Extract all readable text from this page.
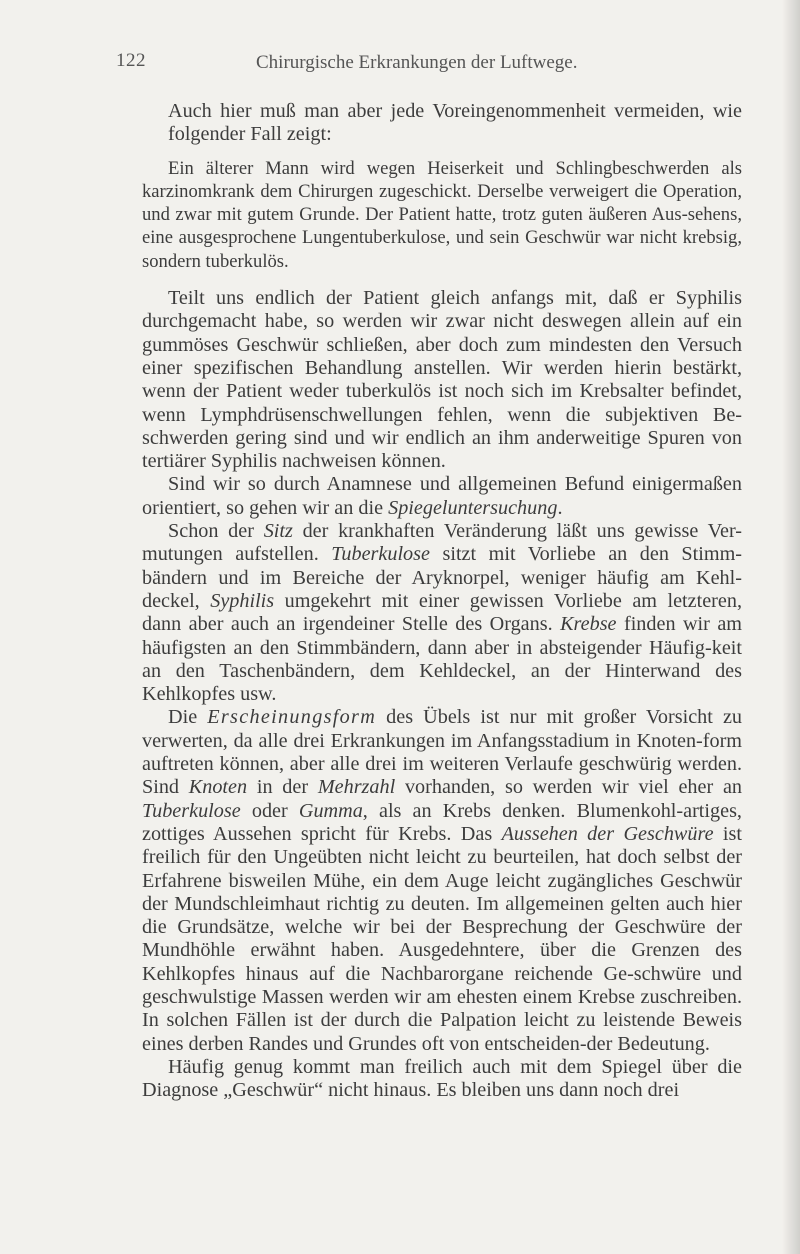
122	Chirurgische Erkrankungen der Luftwege.

Auch hier muß man aber jede Voreingenommenheit vermeiden, wie folgender Fall zeigt:

Ein älterer Mann wird wegen Heiserkeit und Schlingbeschwerden als karzinomkrank dem Chirurgen zugeschickt. Derselbe verweigert die Operation, und zwar mit gutem Grunde. Der Patient hatte, trotz guten äußeren Aus-sehens, eine ausgesprochene Lungentuberkulose, und sein Geschwür war nicht krebsig, sondern tuberkulös.

Teilt uns endlich der Patient gleich anfangs mit, daß er Syphilis durchgemacht habe, so werden wir zwar nicht deswegen allein auf ein gummöses Geschwür schließen, aber doch zum mindesten den Versuch einer spezifischen Behandlung anstellen. Wir werden hierin bestärkt, wenn der Patient weder tuberkulös ist noch sich im Krebsalter befindet, wenn Lymphdrüsenschwellungen fehlen, wenn die subjektiven Be-schwerden gering sind und wir endlich an ihm anderweitige Spuren von tertiärer Syphilis nachweisen können.

Sind wir so durch Anamnese und allgemeinen Befund einigermaßen orientiert, so gehen wir an die Spiegeluntersuchung.

Schon der Sitz der krankhaften Veränderung läßt uns gewisse Ver-mutungen aufstellen. Tuberkulose sitzt mit Vorliebe an den Stimm-bändern und im Bereiche der Aryknorpel, weniger häufig am Kehl-deckel, Syphilis umgekehrt mit einer gewissen Vorliebe am letzteren, dann aber auch an irgendeiner Stelle des Organs. Krebse finden wir am häufigsten an den Stimmbändern, dann aber in absteigender Häufig-keit an den Taschenbändern, dem Kehldeckel, an der Hinterwand des Kehlkopfes usw.

Die Erscheinungsform des Übels ist nur mit großer Vorsicht zu verwerten, da alle drei Erkrankungen im Anfangsstadium in Knoten-form auftreten können, aber alle drei im weiteren Verlaufe geschwürig werden. Sind Knoten in der Mehrzahl vorhanden, so werden wir viel eher an Tuberkulose oder Gumma, als an Krebs denken. Blumenkohl-artiges, zottiges Aussehen spricht für Krebs. Das Aussehen der Geschwüre ist freilich für den Ungeübten nicht leicht zu beurteilen, hat doch selbst der Erfahrene bisweilen Mühe, ein dem Auge leicht zugängliches Geschwür der Mundschleimhaut richtig zu deuten. Im allgemeinen gelten auch hier die Grundsätze, welche wir bei der Besprechung der Geschwüre der Mundhöhle erwähnt haben. Ausgedehntere, über die Grenzen des Kehlkopfes hinaus auf die Nachbarorgane reichende Ge-schwüre und geschwulstige Massen werden wir am ehesten einem Krebse zuschreiben. In solchen Fällen ist der durch die Palpation leicht zu leistende Beweis eines derben Randes und Grundes oft von entscheiden-der Bedeutung.

Häufig genug kommt man freilich auch mit dem Spiegel über die Diagnose „Geschwür“ nicht hinaus. Es bleiben uns dann noch drei
